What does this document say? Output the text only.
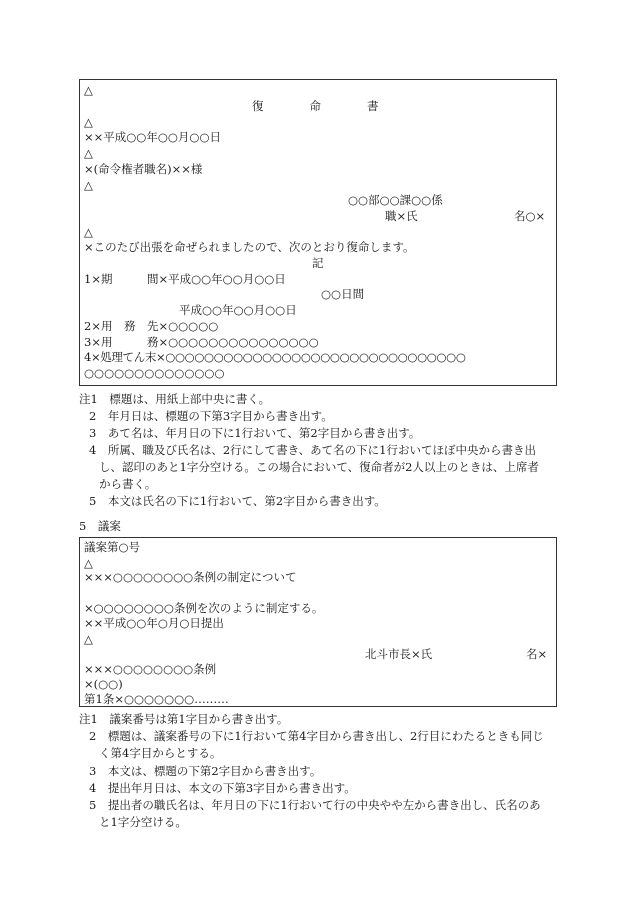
△
復　　　　命　　　　書
△
××平成○○年○○月○○日
△
×(命令権者職名)××様
△
○○部○○課○○係
職×氏	名○×
△
×このたび出張を命ぜられましたので、次のとおり復命します。
記
1×期　　　間×平成○○年○○月○○日
○○日間
平成○○年○○月○○日
2×用　務　先×○○○○○
3×用　　　務×○○○○○○○○○○○○○○○
4×処理てん末×○○○○○○○○○○○○○○○○○○○○○○○○○○○○○○○
○○○○○○○○○○○○○○
注1　標題は、用紙上部中央に書く。
2　年月日は、標題の下第3字目から書き出す。
3　あて名は、年月日の下に1行おいて、第2字目から書き出す。
4　所属、職及び氏名は、2行にして書き、あて名の下に1行おいてほぼ中央から書き出
し、認印のあと1字分空ける。この場合において、復命者が2人以上のときは、上席者
から書く。
5　本文は氏名の下に1行おいて、第2字目から書き出す。
5　議案
議案第○号
△
×××○○○○○○○○条例の制定について
×○○○○○○○○条例を次のように制定する。
××平成○○年○月○日提出
△
北斗市長×氏	名×
×××○○○○○○○○条例
×(○○)
第1条×○○○○○○○………
注1　議案番号は第1字目から書き出す。
2　標題は、議案番号の下に1行おいて第4字目から書き出し、2行目にわたるときも同じ
く第4字目からとする。
3　本文は、標題の下第2字目から書き出す。
4　提出年月日は、本文の下第3字目から書き出す。
5　提出者の職氏名は、年月日の下に1行おいて行の中央やや左から書き出し、氏名のあ
と1字分空ける。
